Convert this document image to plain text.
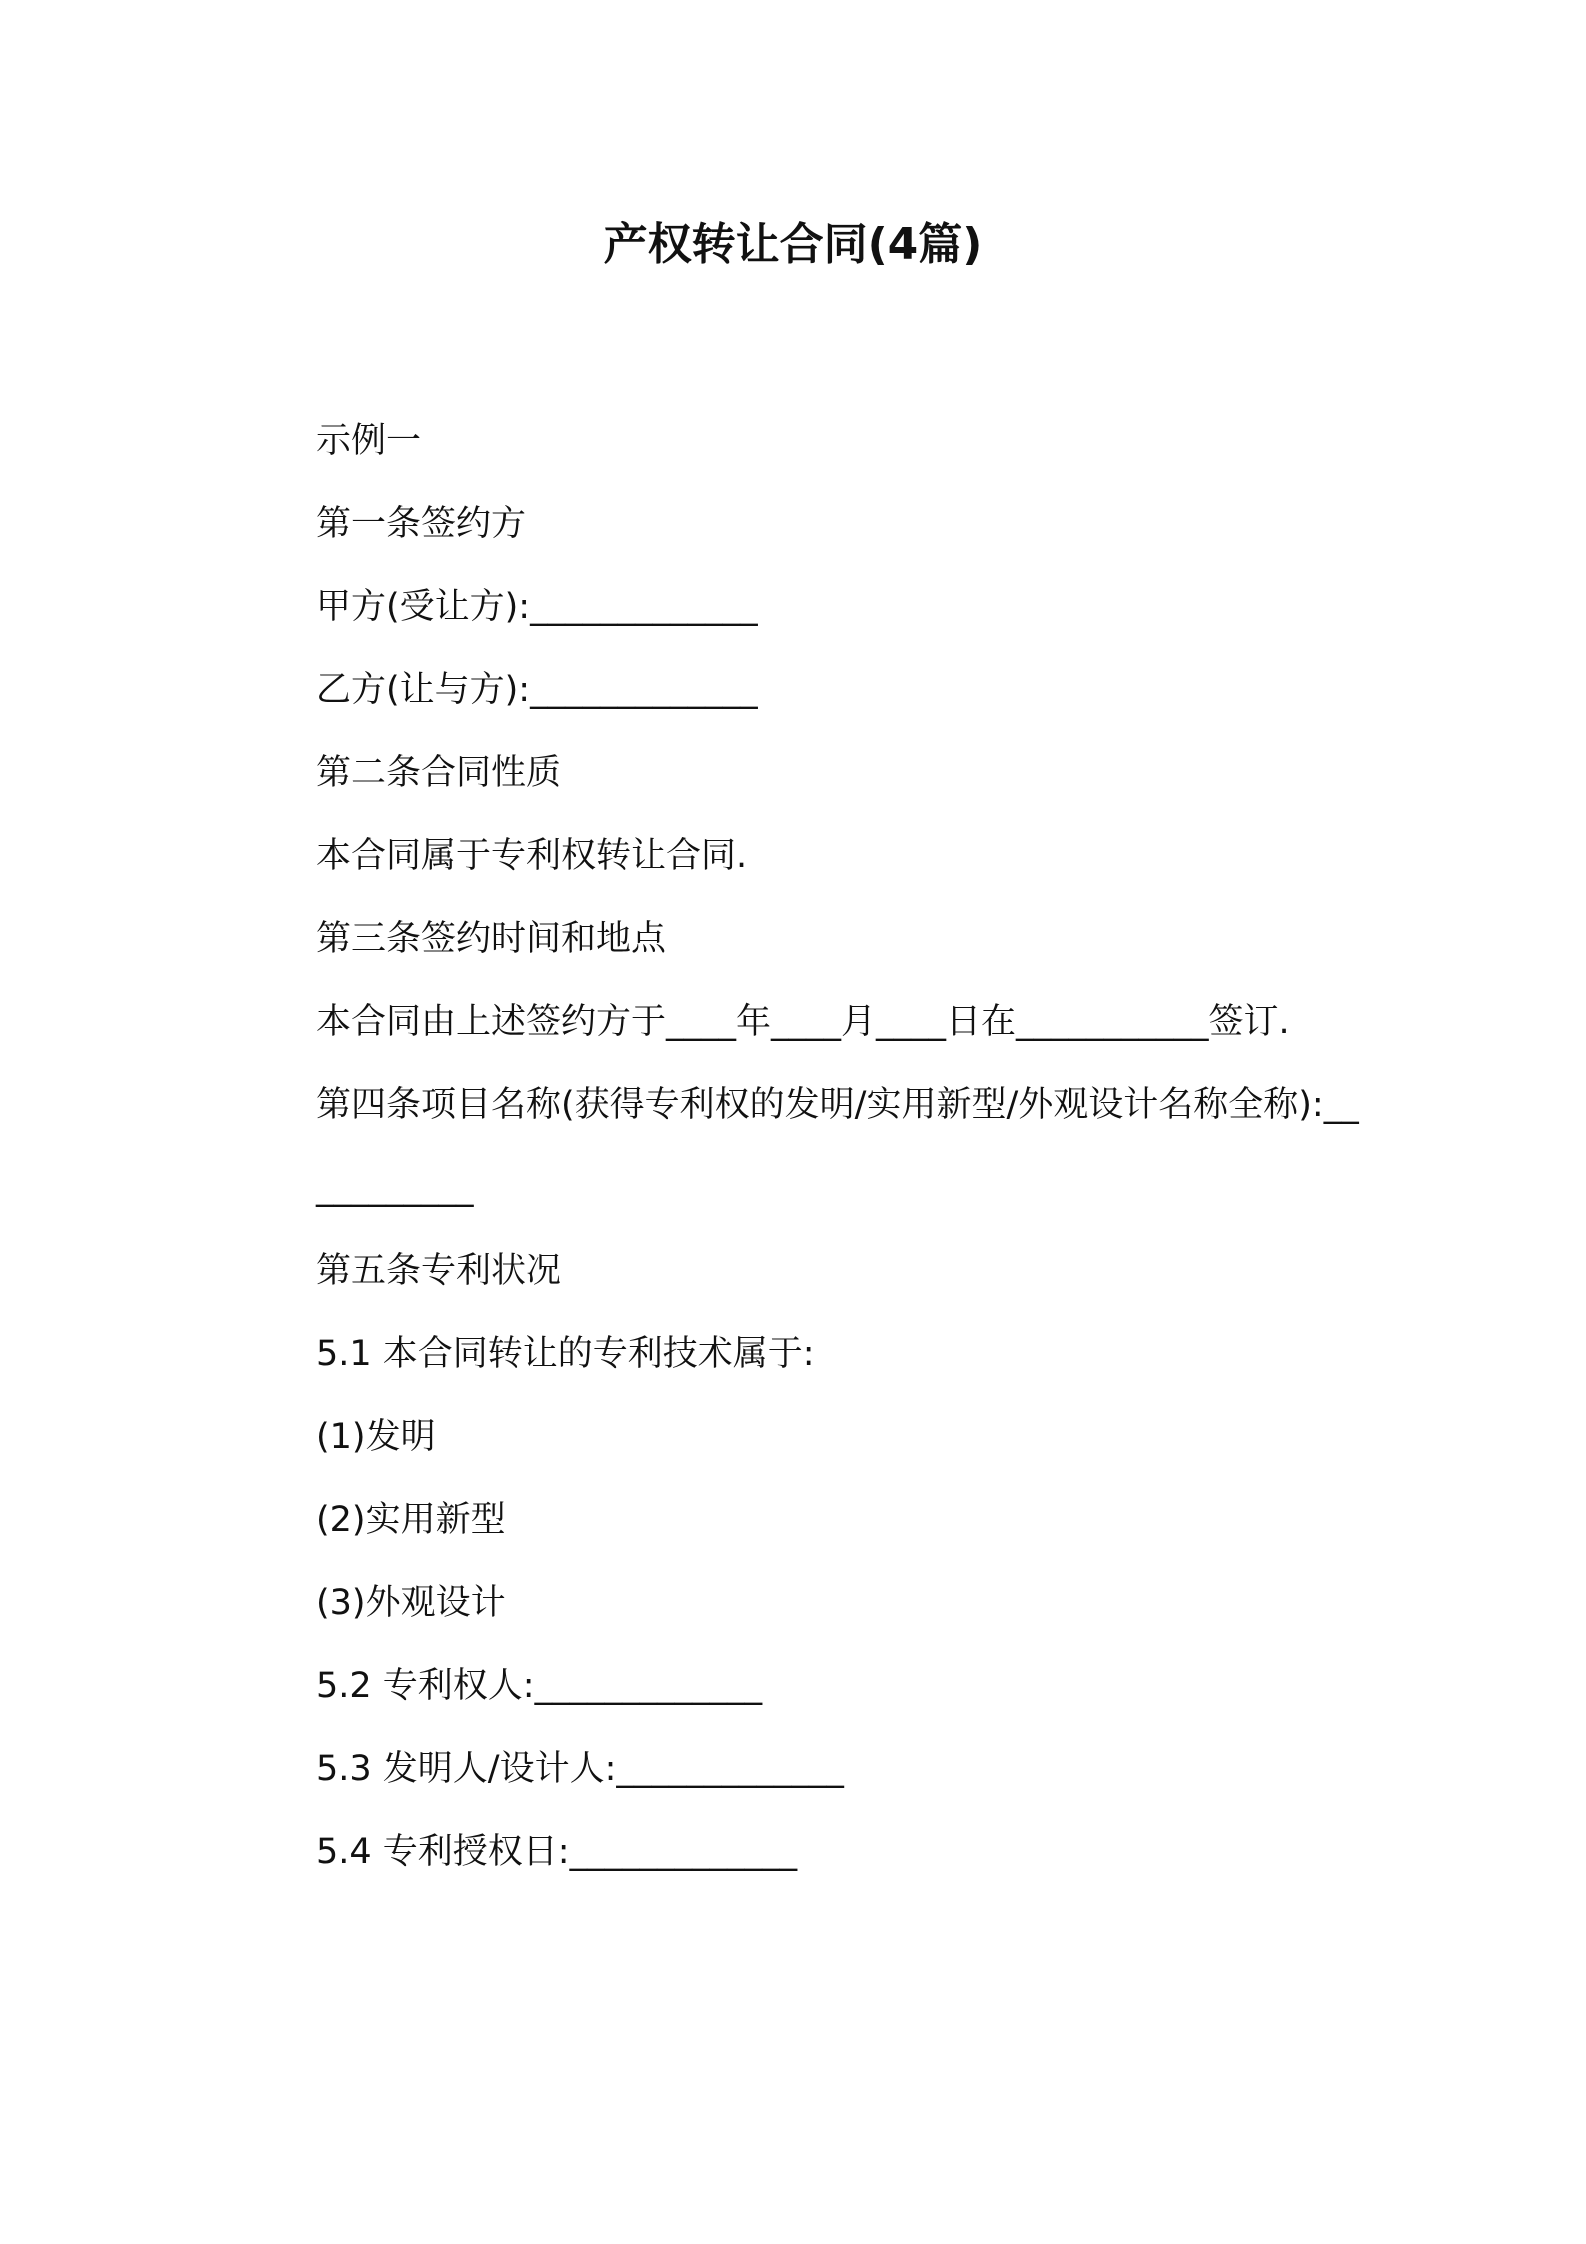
产权转让合同(4篇)

示例一

第一条签约方

甲方(受让方):_____________

乙方(让与方):_____________

第二条合同性质

本合同属于专利权转让合同.

第三条签约时间和地点

本合同由上述签约方于____年____月____日在___________签订.

第四条项目名称(获得专利权的发明/实用新型/外观设计名称全称):___________

第五条专利状况

5.1 本合同转让的专利技术属于:

(1)发明

(2)实用新型

(3)外观设计

5.2 专利权人:_____________

5.3 发明人/设计人:_____________

5.4 专利授权日:_____________
